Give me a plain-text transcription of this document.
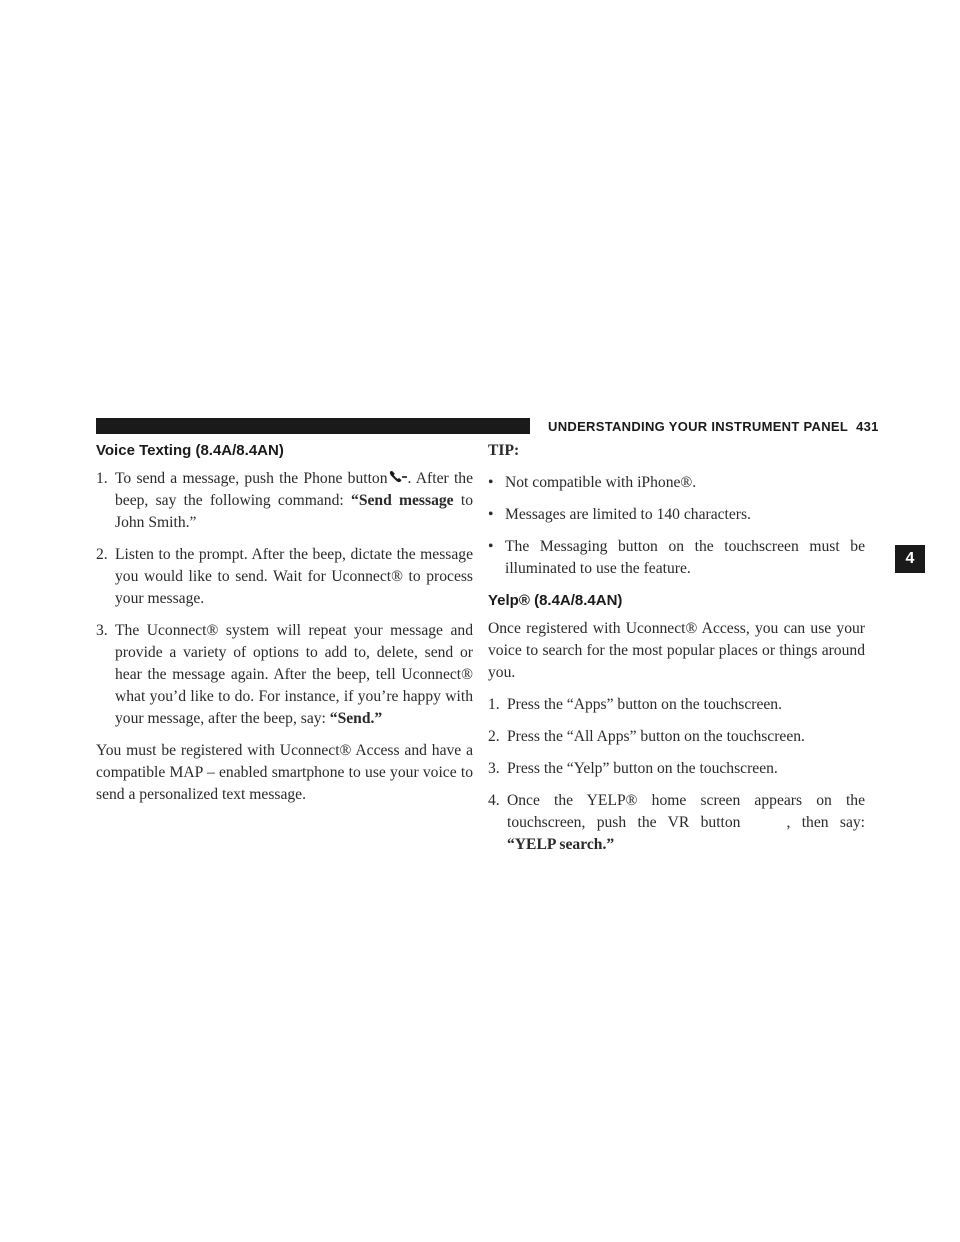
UNDERSTANDING YOUR INSTRUMENT PANEL 431
4
Voice Texting (8.4A/8.4AN)
1. To send a message, push the Phone button . After the beep, say the following command: “Send message to John Smith.”
2. Listen to the prompt. After the beep, dictate the message you would like to send. Wait for Uconnect® to process your message.
3. The Uconnect® system will repeat your message and provide a variety of options to add to, delete, send or hear the message again. After the beep, tell Uconnect® what you’d like to do. For instance, if you’re happy with your message, after the beep, say: “Send.”

You must be registered with Uconnect® Access and have a compatible MAP – enabled smartphone to use your voice to send a personalized text message.

TIP:
• Not compatible with iPhone®.
• Messages are limited to 140 characters.
• The Messaging button on the touchscreen must be illuminated to use the feature.
Yelp® (8.4A/8.4AN)

Once registered with Uconnect® Access, you can use your voice to search for the most popular places or things around you.

1. Press the “Apps” button on the touchscreen.
2. Press the “All Apps” button on the touchscreen.
3. Press the “Yelp” button on the touchscreen.
4. Once the YELP® home screen appears on the touchscreen, push the VR button	, then say: “YELP search.”
